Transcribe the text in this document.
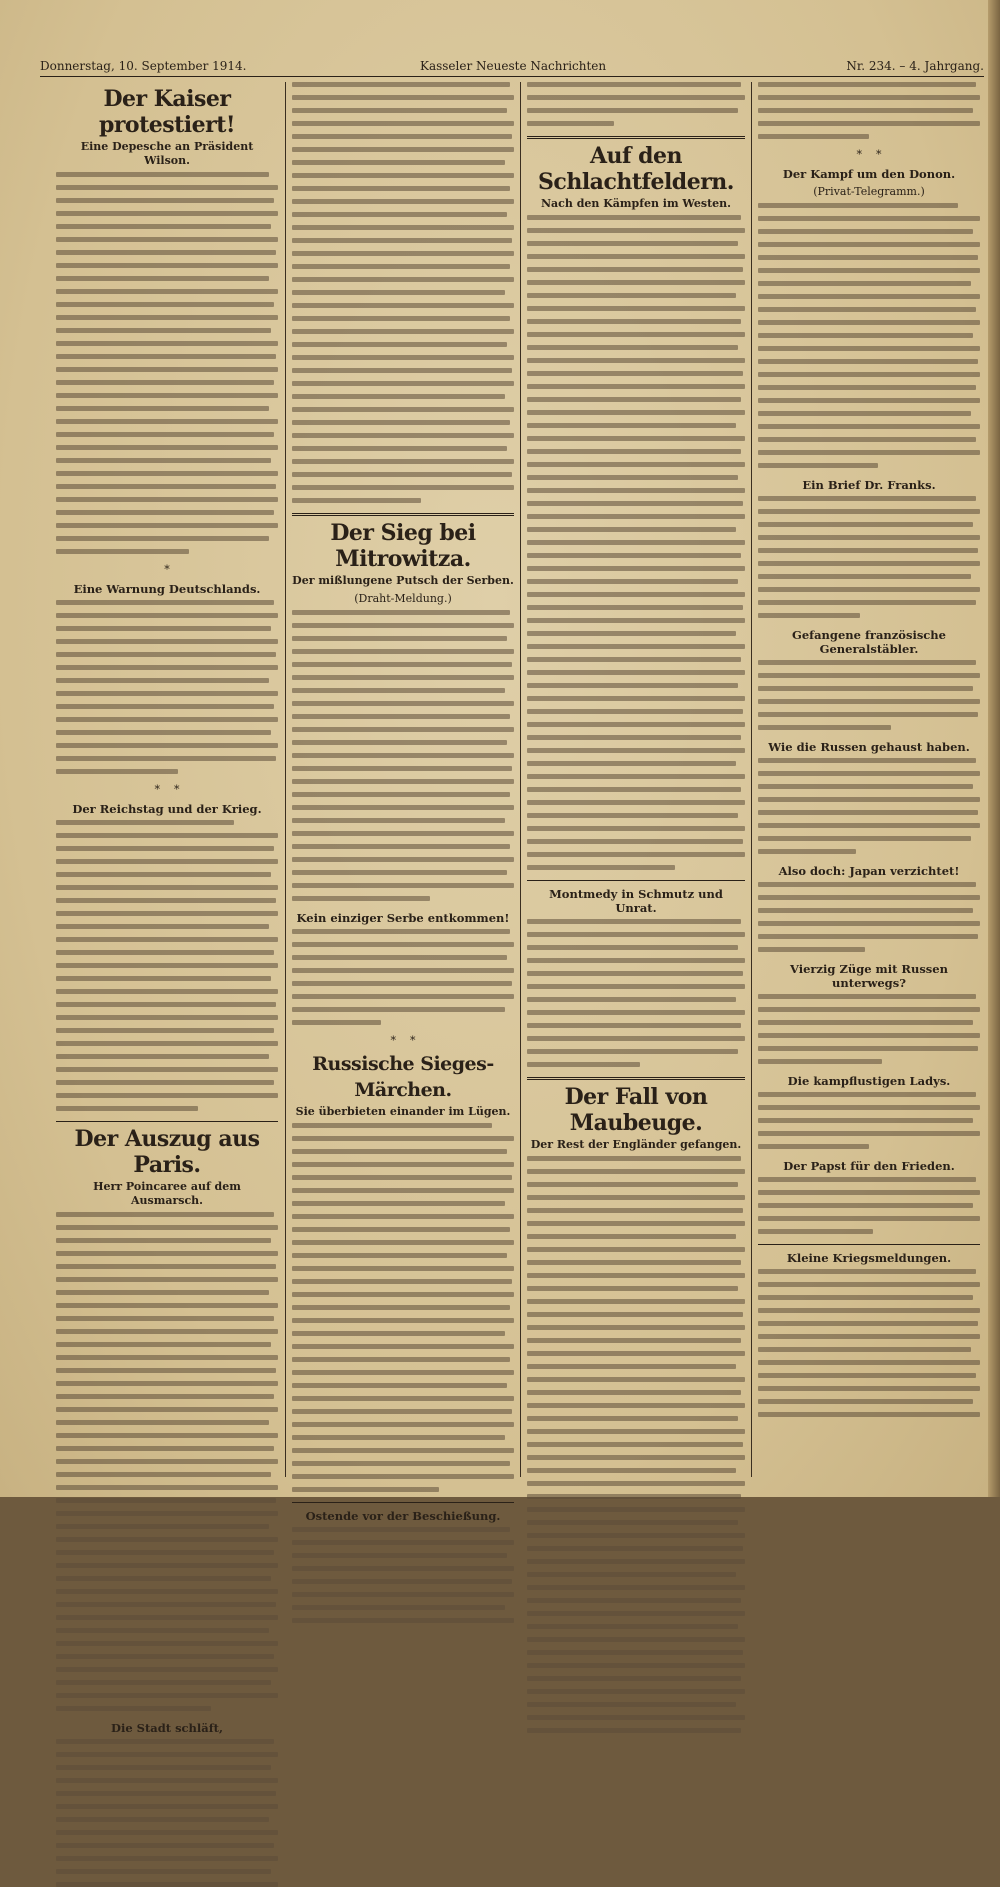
Donnerstag, 10. September 1914.	Kasseler Neueste Nachrichten	Nr. 234. – 4. Jahrgang.
Der Kaiser protestiert!
Eine Depesche an Präsident Wilson.
*
Eine Warnung Deutschlands.
*    *
Der Reichstag und der Krieg.
Der Auszug aus Paris.
Herr Poincaree auf dem Ausmarsch.
Die Stadt schläft,
Der Sieg bei Mitrowitza.
Der mißlungene Putsch der Serben.
(Draht-Meldung.)
Kein einziger Serbe entkommen!
*    *
Russische Sieges-Märchen.
Sie überbieten einander im Lügen.
Ostende vor der Beschießung.
Auf den Schlachtfeldern.
Nach den Kämpfen im Westen.
Montmedy in Schmutz und Unrat.
Der Fall von Maubeuge.
Der Rest der Engländer gefangen.
*    *
Der Kampf um den Donon.
(Privat-Telegramm.)
Ein Brief Dr. Franks.
Gefangene französische Generalstäbler.
Wie die Russen gehaust haben.
Also doch: Japan verzichtet!
Vierzig Züge mit Russen unterwegs?
Die kampflustigen Ladys.
Der Papst für den Frieden.
Kleine Kriegsmeldungen.
